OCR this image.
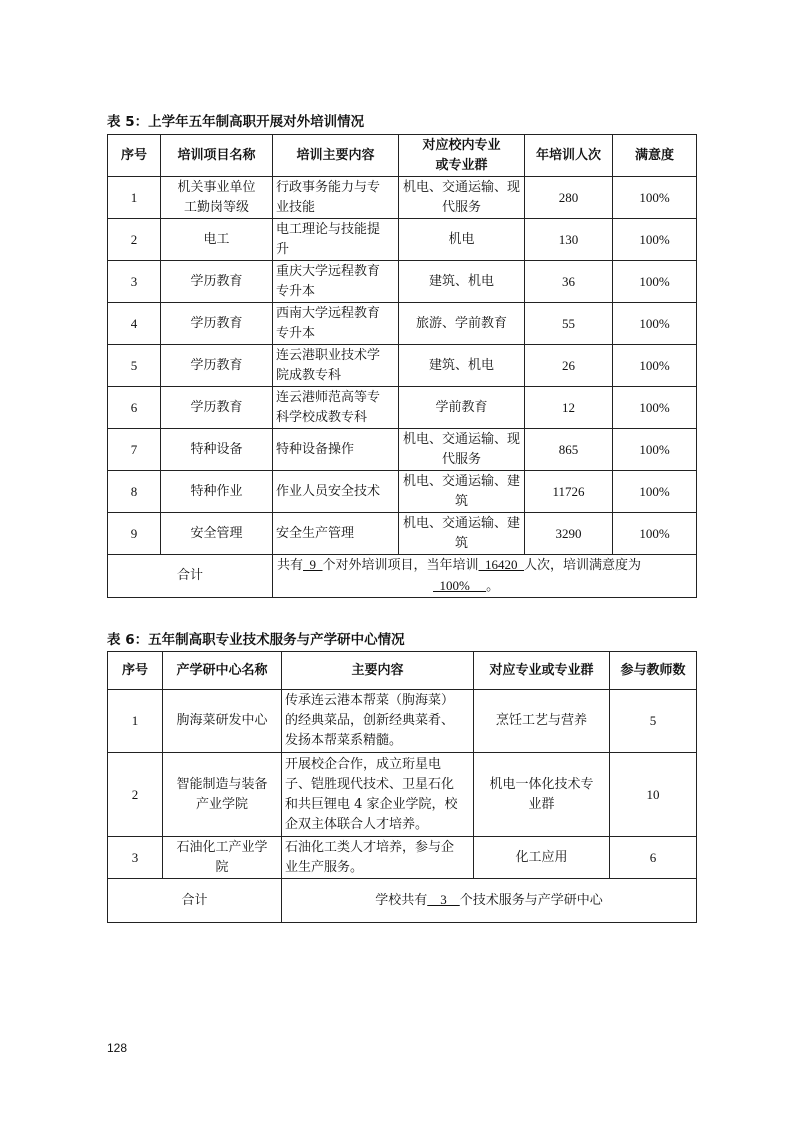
表 5：上学年五年制高职开展对外培训情况
序号	培训项目名称	培训主要内容	对应校内专业
或专业群	年培训人次	满意度
1	机关事业单位
工勤岗等级	行政事务能力与专
业技能	机电、交通运输、现
代服务	280	100%
2	电工	电工理论与技能提
升	机电	130	100%
3	学历教育	重庆大学远程教育
专升本	建筑、机电	36	100%
4	学历教育	西南大学远程教育
专升本	旅游、学前教育	55	100%
5	学历教育	连云港职业技术学
院成教专科	建筑、机电	26	100%
6	学历教育	连云港师范高等专
科学校成教专科	学前教育	12	100%
7	特种设备	特种设备操作	机电、交通运输、现
代服务	865	100%
8	特种作业	作业人员安全技术	机电、交通运输、建
筑	11726	100%
9	安全管理	安全生产管理	机电、交通运输、建
筑	3290	100%
合计		共有  9  个对外培训项目，当年培训  16420  人次，培训满意度为
100%     。			
表 6：五年制高职专业技术服务与产学研中心情况
序号	产学研中心名称	主要内容	对应专业或专业群	参与教师数
1	朐海菜研发中心	传承连云港本帮菜（朐海菜）
的经典菜品，创新经典菜肴、
发扬本帮菜系精髓。	烹饪工艺与营养	5
2	智能制造与装备
产业学院	开展校企合作，成立珩星电
子、铠胜现代技术、卫星石化
和共巨锂电 4 家企业学院，校
企双主体联合人才培养。	机电一体化技术专
业群	10
3	石油化工产业学
院	石油化工类人才培养，参与企
业生产服务。	化工应用	6
合计		学校共有    3    个技术服务与产学研中心		
128
